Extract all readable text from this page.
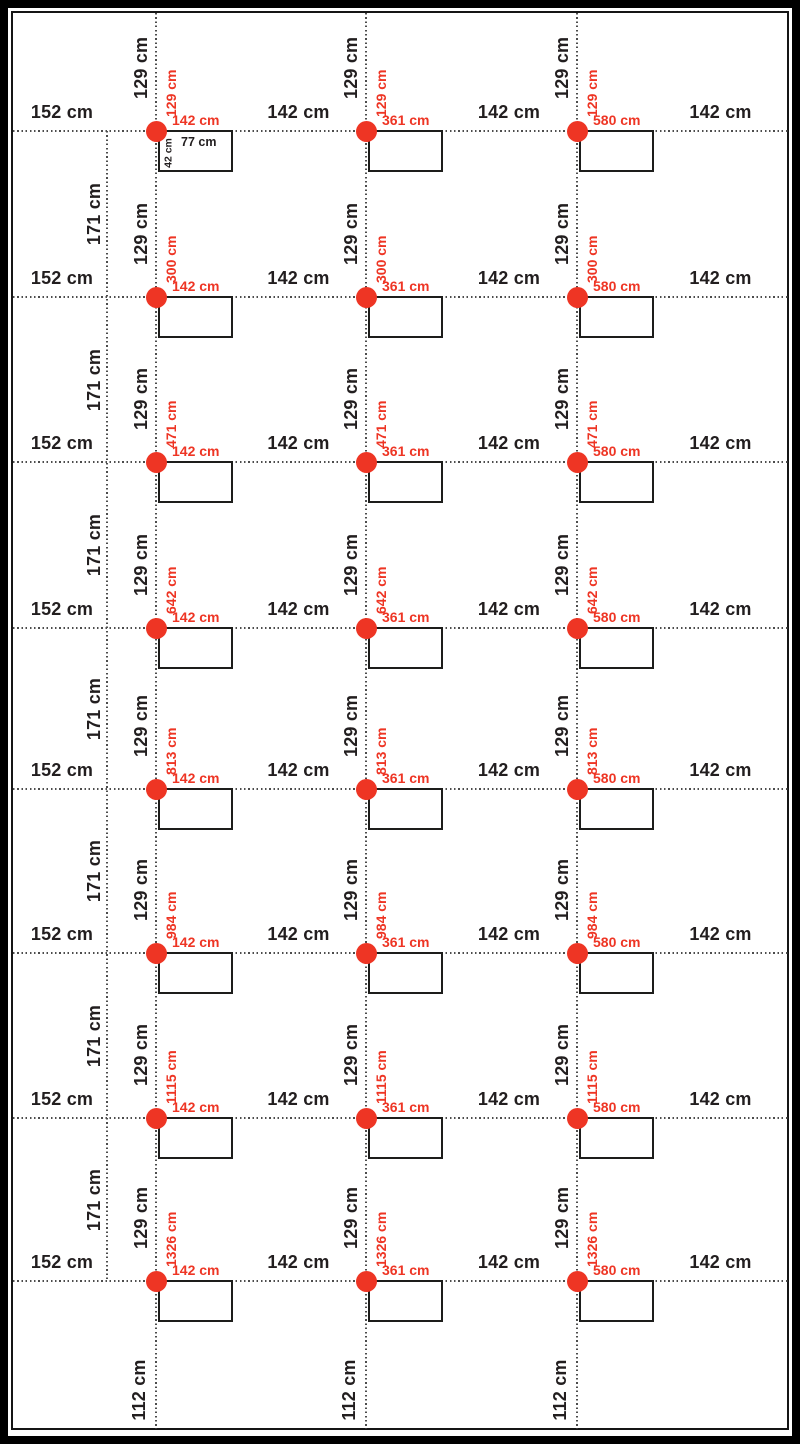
152 cm	142 cm	142 cm	142 cm
152 cm	142 cm	142 cm	142 cm
152 cm	142 cm	142 cm	142 cm
152 cm	142 cm	142 cm	142 cm
152 cm	142 cm	142 cm	142 cm
152 cm	142 cm	142 cm	142 cm
152 cm	142 cm	142 cm	142 cm
152 cm	142 cm	142 cm	142 cm
171 cm
171 cm
171 cm
171 cm
171 cm
171 cm
171 cm
112 cm	112 cm	112 cm
129 cm 129 cm
142 cm
42 cm 77 cm
129 cm 129 cm
361 cm
129 cm 129 cm
580 cm
129 cm 300 cm
142 cm
129 cm 300 cm
361 cm
129 cm 300 cm
580 cm
129 cm 471 cm
142 cm
129 cm 471 cm
361 cm
129 cm 471 cm
580 cm
129 cm 642 cm
142 cm
129 cm 642 cm
361 cm
129 cm 642 cm
580 cm
129 cm 813 cm
142 cm
129 cm 813 cm
361 cm
129 cm 813 cm
580 cm
129 cm 984 cm
142 cm
129 cm 984 cm
361 cm
129 cm 984 cm
580 cm
129 cm 1115 cm
142 cm
129 cm 1115 cm
361 cm
129 cm 1115 cm
580 cm
129 cm 1326 cm
142 cm
129 cm 1326 cm
361 cm
129 cm 1326 cm
580 cm
